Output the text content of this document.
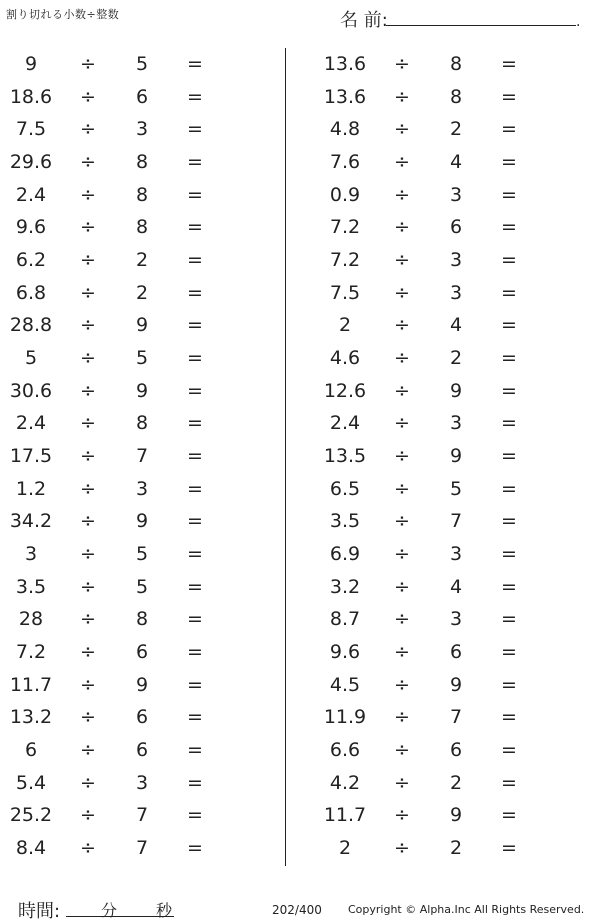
割り切れる小数÷整数	名 前:	.
9	÷	5	=
18.6	÷	6	=
7.5	÷	3	=
29.6	÷	8	=
2.4	÷	8	=
9.6	÷	8	=
6.2	÷	2	=
6.8	÷	2	=
28.8	÷	9	=
5	÷	5	=
30.6	÷	9	=
2.4	÷	8	=
17.5	÷	7	=
1.2	÷	3	=
34.2	÷	9	=
3	÷	5	=
3.5	÷	5	=
28	÷	8	=
7.2	÷	6	=
11.7	÷	9	=
13.2	÷	6	=
6	÷	6	=
5.4	÷	3	=
25.2	÷	7	=
8.4	÷	7	=
13.6	÷	8	=
13.6	÷	8	=
4.8	÷	2	=
7.6	÷	4	=
0.9	÷	3	=
7.2	÷	6	=
7.2	÷	3	=
7.5	÷	3	=
2	÷	4	=
4.6	÷	2	=
12.6	÷	9	=
2.4	÷	3	=
13.5	÷	9	=
6.5	÷	5	=
3.5	÷	7	=
6.9	÷	3	=
3.2	÷	4	=
8.7	÷	3	=
9.6	÷	6	=
4.5	÷	9	=
11.9	÷	7	=
6.6	÷	6	=
4.2	÷	2	=
11.7	÷	9	=
2	÷	2	=
時間:	分 秒	202/400 Copyright © Alpha.Inc All Rights Reserved.
